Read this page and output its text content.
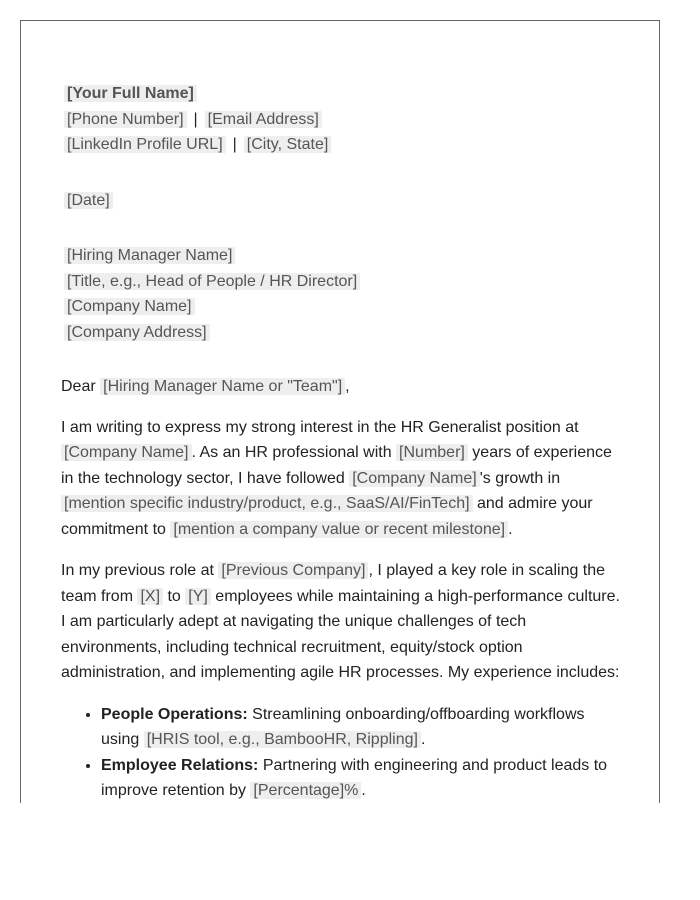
[Your Full Name]
[Phone Number] | [Email Address]
[LinkedIn Profile URL] | [City, State]
[Date]
[Hiring Manager Name]
[Title, e.g., Head of People / HR Director]
[Company Name]
[Company Address]

Dear [Hiring Manager Name or "Team"] ,

I am writing to express my strong interest in the HR Generalist position at [Company Name] . As an HR professional with [Number] years of experience in the technology sector, I have followed [Company Name] 's growth in [mention specific industry/product, e.g., SaaS/AI/FinTech] and admire your commitment to [mention a company value or recent milestone] .

In my previous role at [Previous Company] , I played a key role in scaling the team from [X] to [Y] employees while maintaining a high-performance culture. I am particularly adept at navigating the unique challenges of tech environments, including technical recruitment, equity/stock option administration, and implementing agile HR processes. My experience includes:

• People Operations: Streamlining onboarding/offboarding workflows using [HRIS tool, e.g., BambooHR, Rippling] .
• Employee Relations: Partnering with engineering and product leads to improve retention by [Percentage]% .
